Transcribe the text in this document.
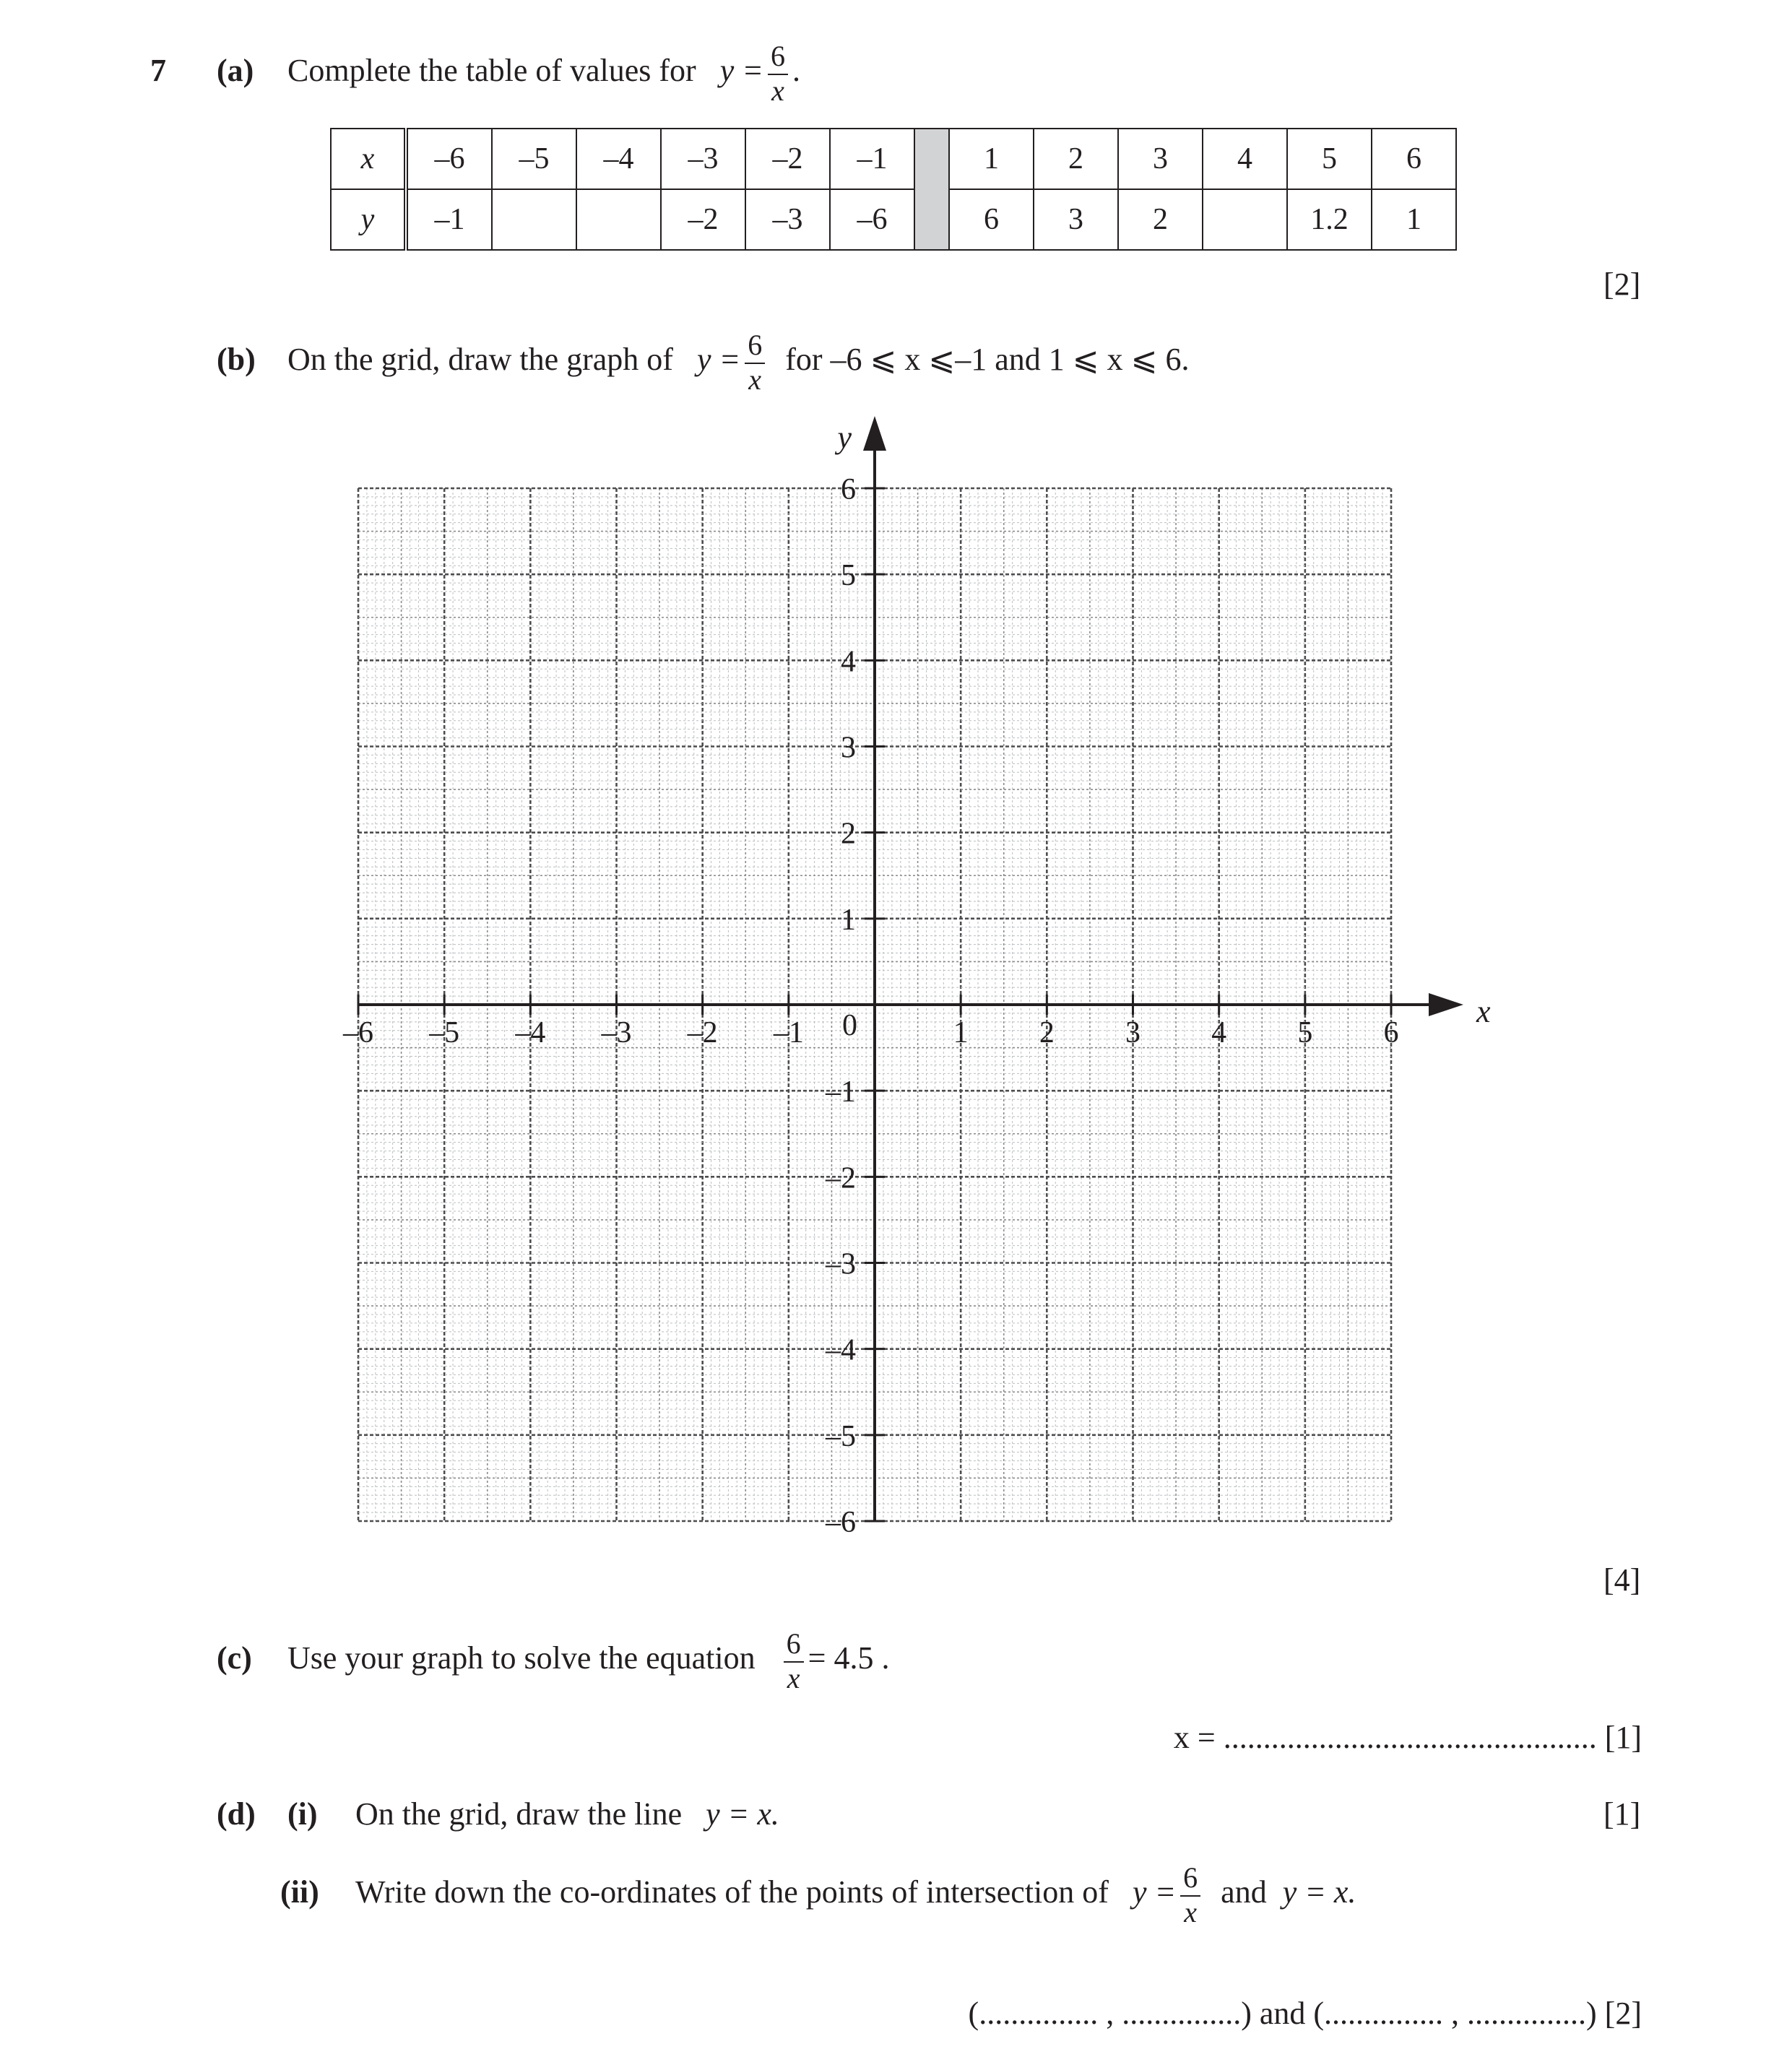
7 (a) Complete the table of values for $y = \frac{6}{x}$ .
x	–6	–5	–4	–3	–2	–1		1	2	3	4	5	6
y	–1			–2	–3	–6		6	3	2		1.2	1
[2]
(b) On the grid, draw the graph of $y = \frac{6}{x}$ for –6 ⩽ x ⩽–1 and 1 ⩽ x ⩽ 6.
–6 –5 –4 –3 –2 –1	1 2 3 4 5 6
6
5
4
3
2
1
–1
–2
–3
–4
–5
–6
0	x
y
[4]
(c) Use your graph to solve the equation $\frac{6}{x} = 4.5$ .
x = ............................................... [1]
(d) (i) On the grid, draw the line y = x.	[1]
(ii) Write down the co-ordinates of the points of intersection of $y = \frac{6}{x}$ and y = x.
(............... , ...............) and (............... , ...............) [2]
